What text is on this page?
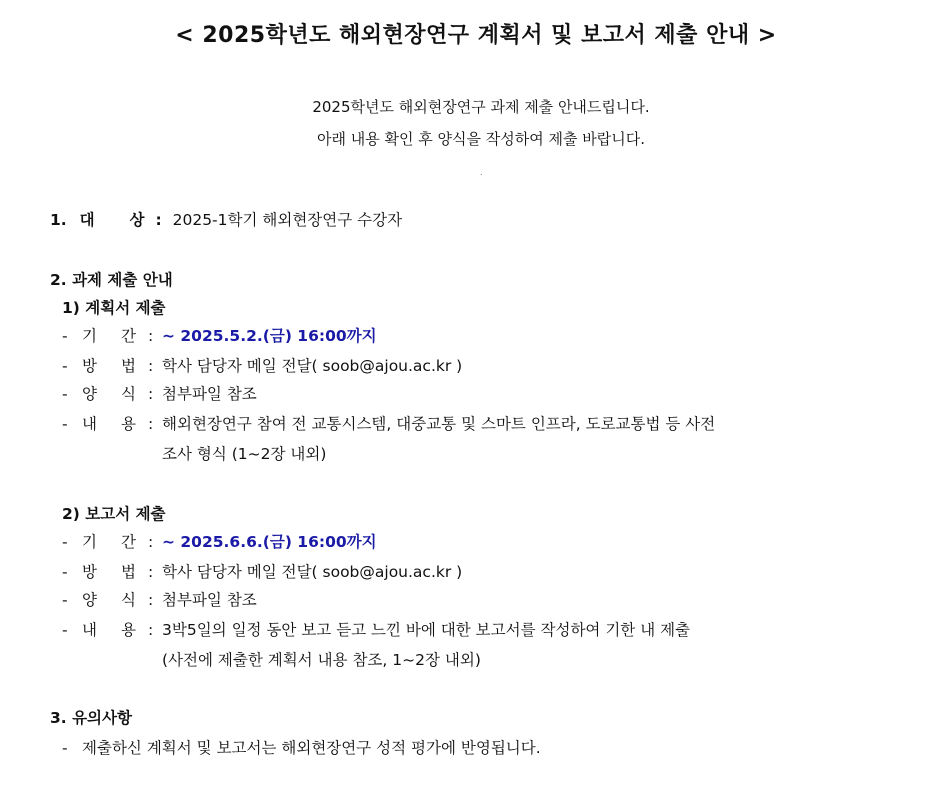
< 2025학년도 해외현장연구 계획서 및 보고서 제출 안내 >
2025학년도 해외현장연구 과제 제출 안내드립니다.
아래 내용 확인 후 양식을 작성하여 제출 바랍니다.
.
1. 대 상 : 2025-1학기 해외현장연구 수강자
2. 과제 제출 안내
1) 계획서 제출
- 기 간 : ~ 2025.5.2.(금) 16:00까지
- 방 법 : 학사 담당자 메일 전달( soob@ajou.ac.kr )
- 양 식 : 첨부파일 참조
- 내 용 : 해외현장연구 참여 전 교통시스템, 대중교통 및 스마트 인프라, 도로교통법 등 사전
조사 형식 (1~2장 내외)
2) 보고서 제출
- 기 간 : ~ 2025.6.6.(금) 16:00까지
- 방 법 : 학사 담당자 메일 전달( soob@ajou.ac.kr )
- 양 식 : 첨부파일 참조
- 내 용 : 3박5일의 일정 동안 보고 듣고 느낀 바에 대한 보고서를 작성하여 기한 내 제출
(사전에 제출한 계획서 내용 참조, 1~2장 내외)
3. 유의사항
- 제출하신 계획서 및 보고서는 해외현장연구 성적 평가에 반영됩니다.
